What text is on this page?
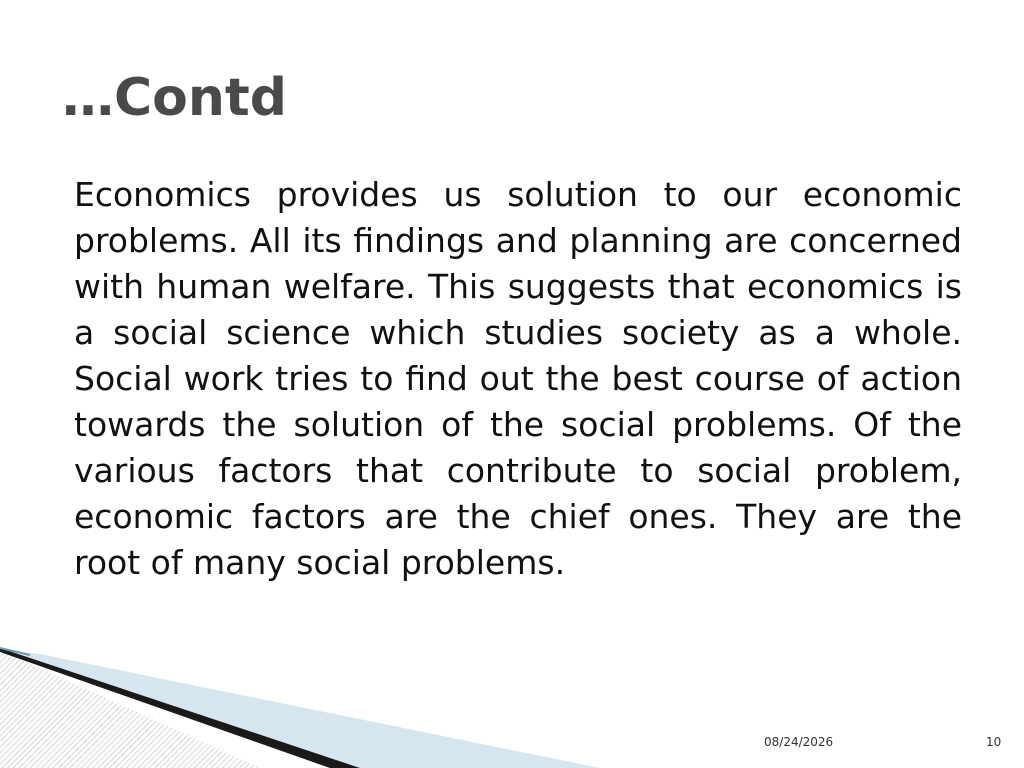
…Contd

Economics provides us solution to our economic problems. All its findings and planning are concerned with human welfare. This suggests that economics is a social science which studies society as a whole. Social work tries to find out the best course of action towards the solution of the social problems. Of the various factors that contribute to social problem, economic factors are the chief ones. They are the root of many social problems.

08/24/2026	10
